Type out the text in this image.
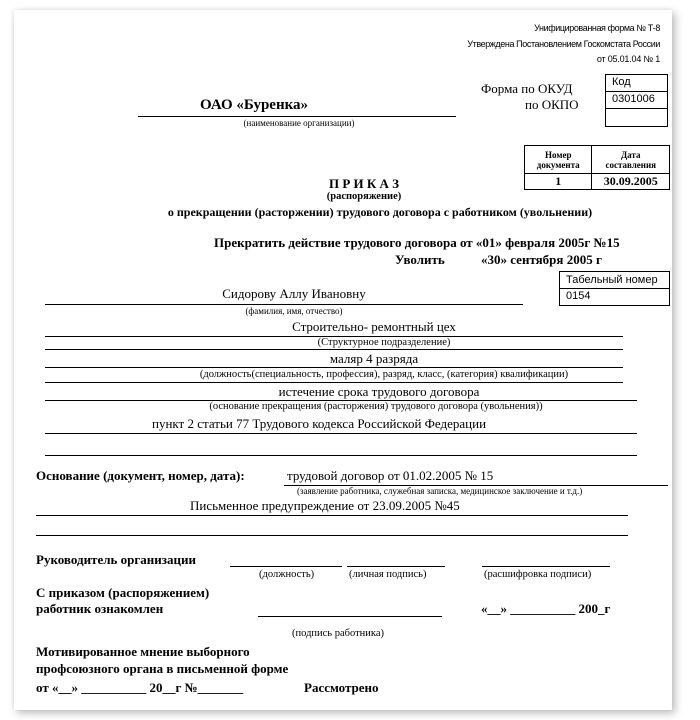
Унифицированная форма № Т-8
Утверждена Постановлением Госкомстата России
от 05.01.04 № 1
ОАО «Буренка»
(наименование организации)
Форма по ОКУД
по ОКПО
Код
0301006
Номер
документа	Дата
составления
1	30.09.2005
П Р И К А З
(распоряжение)
о прекращении (расторжении) трудового договора с работником (увольнении)
Прекратить действие трудового договора от «01» февраля 2005г №15
Уволить	«30» сентября 2005 г
Табельный номер
0154
Сидорову Аллу Ивановну
(фамилия, имя, отчество)
Строительно- ремонтный цех
(Структурное подразделение)
маляр 4 разряда
(должность(специальность, профессия), разряд, класс, (категория) квалификации)
истечение срока трудового договора
(основание прекращения (расторжения) трудового договора (увольнения))
пункт 2 статьи 77 Трудового кодекса Российской Федерации
Основание (документ, номер, дата):	трудовой договор от 01.02.2005 № 15
(заявление работника, служебная записка, медицинское заключение и т.д.)
Письменное предупреждение от 23.09.2005 №45
Руководитель организации
(должность)	(личная подпись)	(расшифровка подписи)
С приказом (распоряжением)
работник ознакомлен	«__» __________ 200_г
(подпись работника)
Мотивированное мнение выборного
профсоюзного органа в письменной форме
от «__» __________ 20__г №_______	Рассмотрено
